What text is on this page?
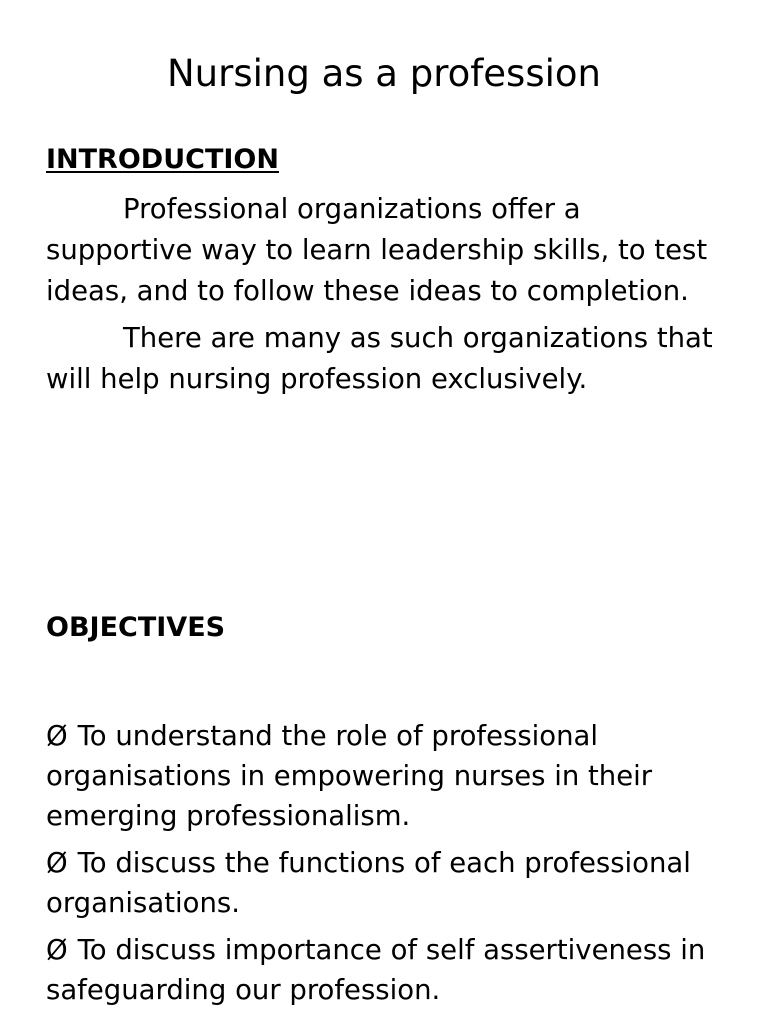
Nursing as a profession
INTRODUCTION

Professional organizations offer a supportive way to learn leadership skills, to test ideas, and to follow these ideas to completion.

There are many as such organizations that will help nursing profession exclusively.

OBJECTIVES

Ø To understand the role of professional organisations in empowering nurses in their emerging professionalism.

Ø To discuss the functions of each professional organisations.

Ø To discuss importance of self assertiveness in safeguarding our profession.
